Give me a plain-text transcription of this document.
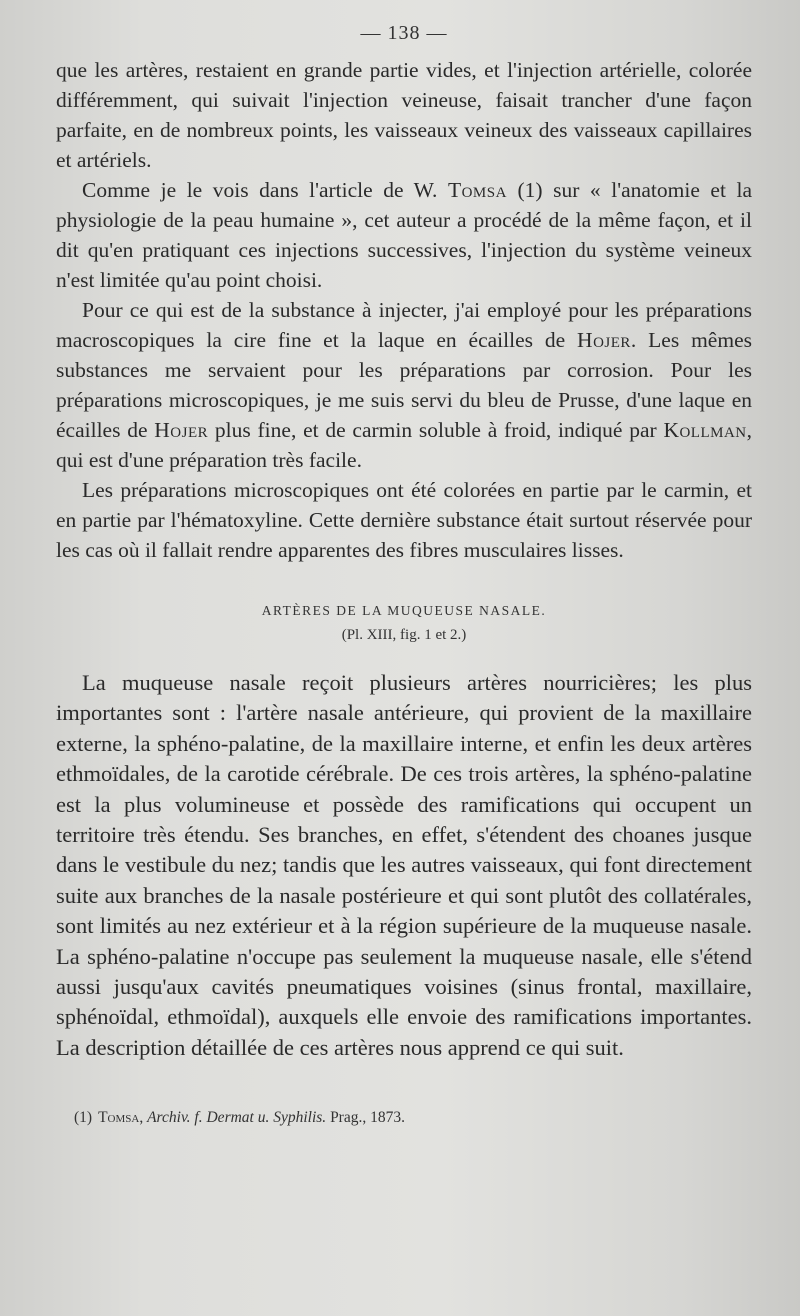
— 138 —

que les artères, restaient en grande partie vides, et l'injection artérielle, colorée différemment, qui suivait l'injection veineuse, faisait trancher d'une façon parfaite, en de nombreux points, les vaisseaux veineux des vaisseaux capillaires et artériels.

Comme je le vois dans l'article de W. Tomsa (1) sur « l'anatomie et la physiologie de la peau humaine », cet auteur a procédé de la même façon, et il dit qu'en pratiquant ces injections successives, l'injection du système veineux n'est limitée qu'au point choisi.

Pour ce qui est de la substance à injecter, j'ai employé pour les préparations macroscopiques la cire fine et la laque en écailles de Hojer. Les mêmes substances me servaient pour les préparations par corrosion. Pour les préparations microscopiques, je me suis servi du bleu de Prusse, d'une laque en écailles de Hojer plus fine, et de carmin soluble à froid, indiqué par Kollman, qui est d'une préparation très facile.

Les préparations microscopiques ont été colorées en partie par le carmin, et en partie par l'hématoxyline. Cette dernière substance était surtout réservée pour les cas où il fallait rendre apparentes des fibres musculaires lisses.

ARTÈRES DE LA MUQUEUSE NASALE.
(Pl. XIII, fig. 1 et 2.)

La muqueuse nasale reçoit plusieurs artères nourricières; les plus importantes sont : l'artère nasale antérieure, qui provient de la maxillaire externe, la sphéno-palatine, de la maxillaire interne, et enfin les deux artères ethmoïdales, de la carotide cérébrale. De ces trois artères, la sphéno-palatine est la plus volumineuse et possède des ramifications qui occupent un territoire très étendu. Ses branches, en effet, s'étendent des choanes jusque dans le vestibule du nez; tandis que les autres vaisseaux, qui font directement suite aux branches de la nasale postérieure et qui sont plutôt des collatérales, sont limités au nez extérieur et à la région supérieure de la muqueuse nasale. La sphéno-palatine n'occupe pas seulement la muqueuse nasale, elle s'étend aussi jusqu'aux cavités pneumatiques voisines (sinus frontal, maxillaire, sphénoïdal, ethmoïdal), auxquels elle envoie des ramifications importantes. La description détaillée de ces artères nous apprend ce qui suit.

(1) Tomsa, Archiv. f. Dermat u. Syphilis. Prag., 1873.
